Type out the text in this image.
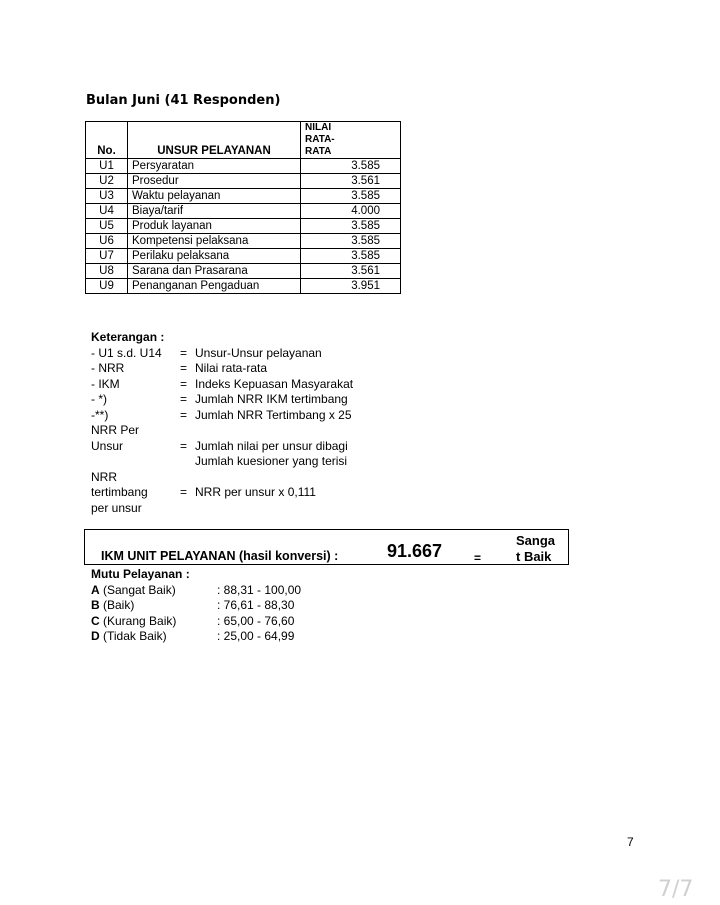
Bulan Juni (41 Responden)
No.	UNSUR PELAYANAN	NILAI
RATA-
RATA

U1	Persyaratan	3.585
U2	Prosedur	3.561
U3	Waktu pelayanan	3.585
U4	Biaya/tarif	4.000
U5	Produk layanan	3.585
U6	Kompetensi pelaksana	3.585
U7	Perilaku pelaksana	3.585
U8	Sarana dan Prasarana	3.561
U9	Penanganan Pengaduan	3.951
Keterangan :
- U1 s.d. U14	= Unsur-Unsur pelayanan
- NRR	= Nilai rata-rata
- IKM	= Indeks Kepuasan Masyarakat
- *)	= Jumlah NRR IKM tertimbang
-**)	= Jumlah NRR Tertimbang x 25
NRR Per
Unsur	= Jumlah nilai per unsur dibagi
Jumlah kuesioner yang terisi
NRR
tertimbang	= NRR per unsur x 0,111
per unsur
IKM UNIT PELAYANAN (hasil konversi) :	91.667	=
Sanga
t Baik
Mutu Pelayanan :
A (Sangat Baik)	: 88,31 - 100,00
B (Baik)	: 76,61 - 88,30
C (Kurang Baik)	: 65,00 - 76,60
D (Tidak Baik)	: 25,00 - 64,99
7
7/7
